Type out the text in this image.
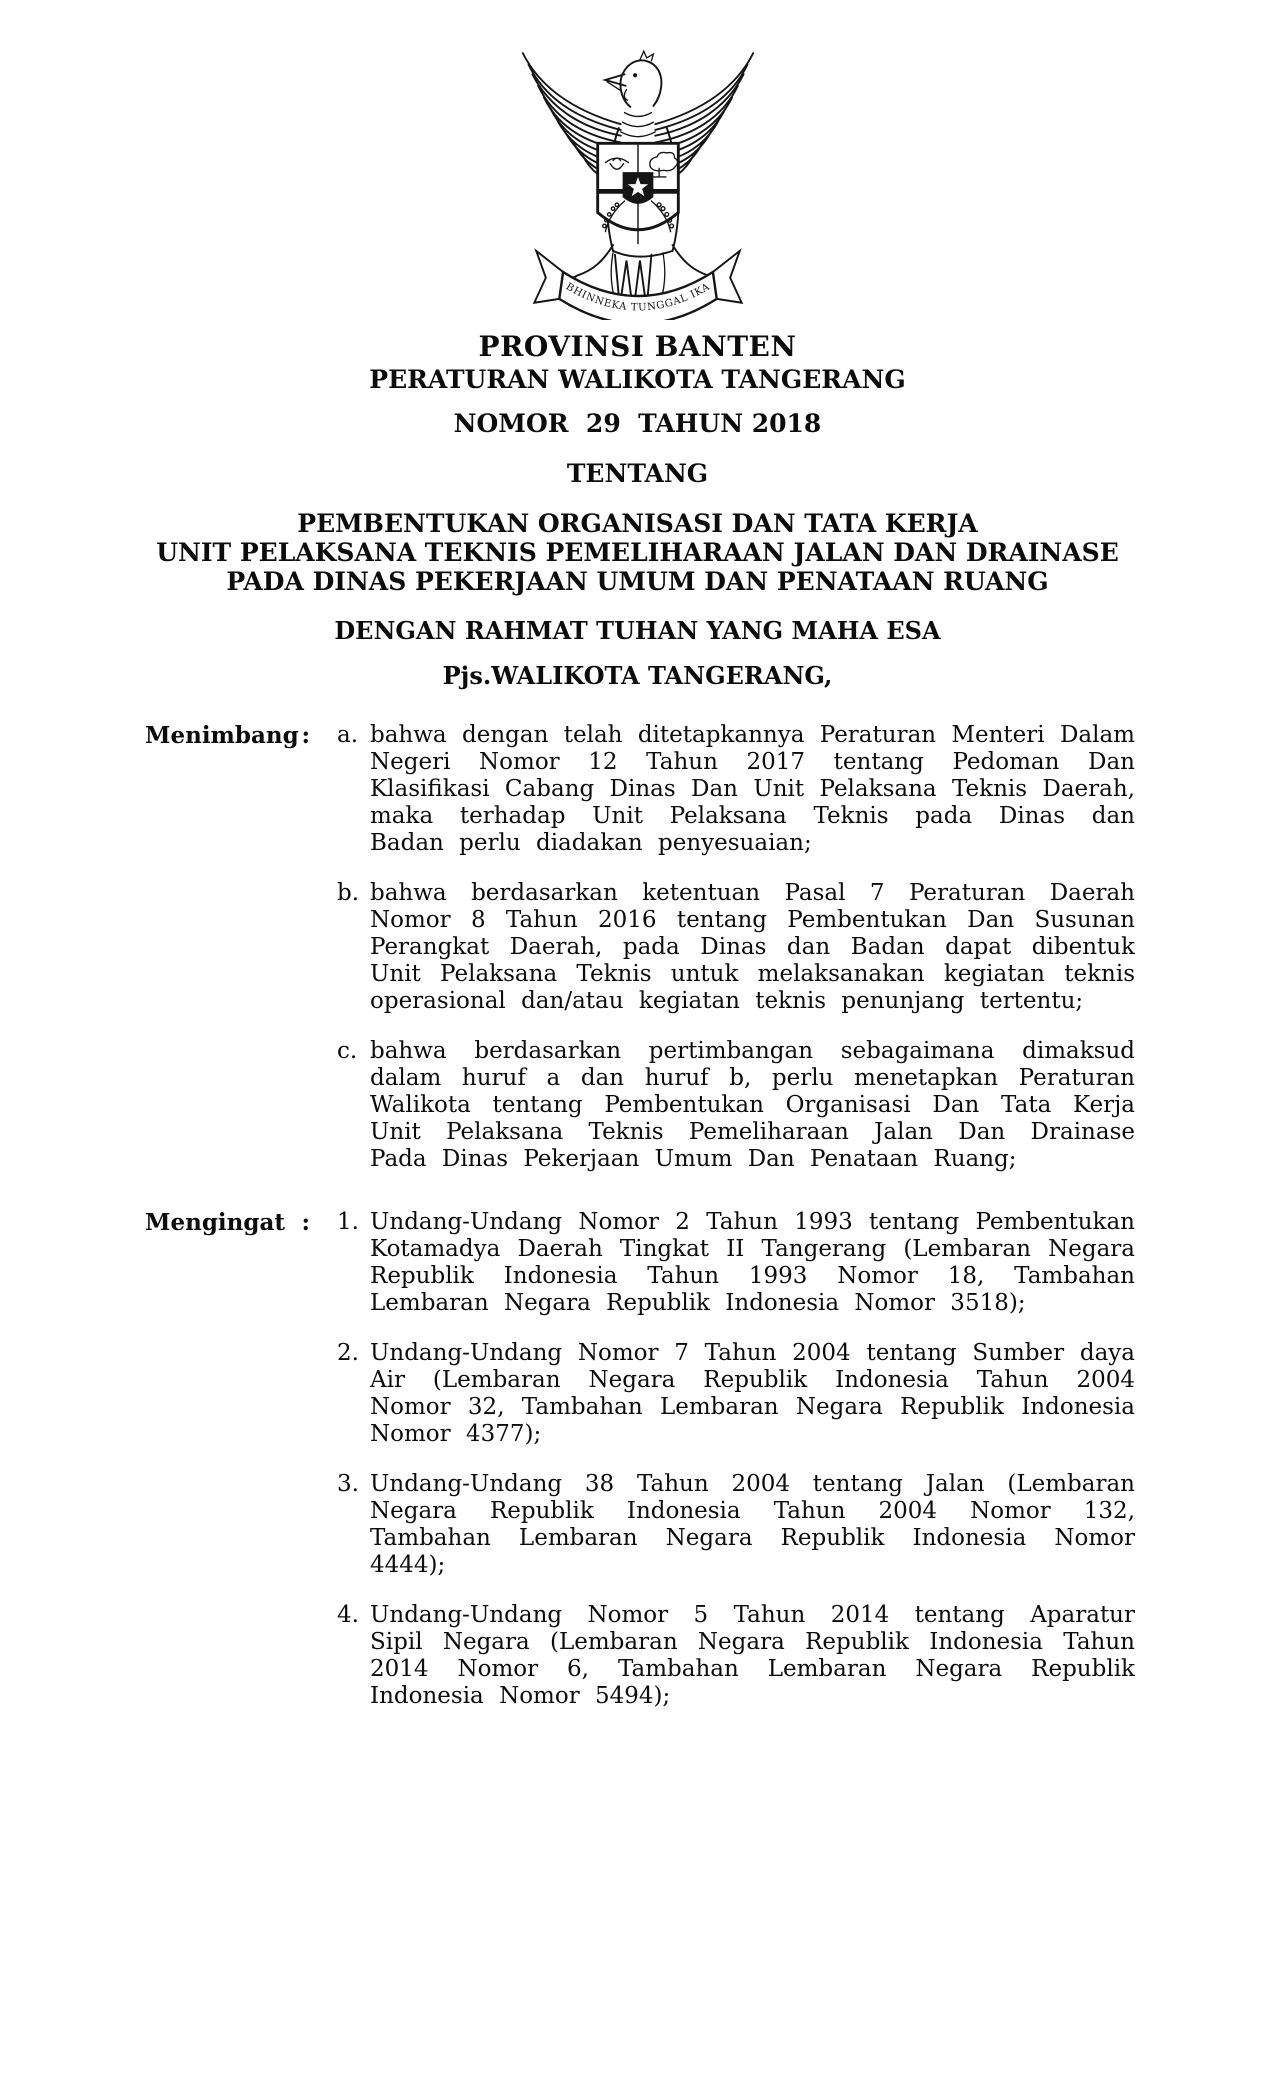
BHINNEKA TUNGGAL IKA
PROVINSI BANTEN
PERATURAN WALIKOTA TANGERANG
NOMOR  29  TAHUN 2018
TENTANG
PEMBENTUKAN ORGANISASI DAN TATA KERJA
UNIT PELAKSANA TEKNIS PEMELIHARAAN JALAN DAN DRAINASE
PADA DINAS PEKERJAAN UMUM DAN PENATAAN RUANG
DENGAN RAHMAT TUHAN YANG MAHA ESA
Pjs.WALIKOTA TANGERANG,
Menimbang : a. bahwa dengan telah ditetapkannya Peraturan Menteri Dalam Negeri Nomor 12 Tahun 2017 tentang Pedoman Dan Klasifikasi Cabang Dinas Dan Unit Pelaksana Teknis Daerah, maka terhadap Unit Pelaksana Teknis pada Dinas dan Badan perlu diadakan penyesuaian;
b. bahwa berdasarkan ketentuan Pasal 7 Peraturan Daerah Nomor 8 Tahun 2016 tentang Pembentukan Dan Susunan Perangkat Daerah, pada Dinas dan Badan dapat dibentuk Unit Pelaksana Teknis untuk melaksanakan kegiatan teknis operasional dan/atau kegiatan teknis penunjang tertentu;
c. bahwa berdasarkan pertimbangan sebagaimana dimaksud dalam huruf a dan huruf b, perlu menetapkan Peraturan Walikota tentang Pembentukan Organisasi Dan Tata Kerja Unit Pelaksana Teknis Pemeliharaan Jalan Dan Drainase Pada Dinas Pekerjaan Umum Dan Penataan Ruang;
Mengingat : 1. Undang-Undang Nomor 2 Tahun 1993 tentang Pembentukan Kotamadya Daerah Tingkat II Tangerang (Lembaran Negara Republik Indonesia Tahun 1993 Nomor 18, Tambahan Lembaran Negara Republik Indonesia Nomor 3518);
2. Undang-Undang Nomor 7 Tahun 2004 tentang Sumber daya Air (Lembaran Negara Republik Indonesia Tahun 2004 Nomor 32, Tambahan Lembaran Negara Republik Indonesia Nomor 4377);
3. Undang-Undang 38 Tahun 2004 tentang Jalan (Lembaran Negara Republik Indonesia Tahun 2004 Nomor 132, Tambahan Lembaran Negara Republik Indonesia Nomor 4444);
4. Undang-Undang Nomor 5 Tahun 2014 tentang Aparatur Sipil Negara (Lembaran Negara Republik Indonesia Tahun 2014 Nomor 6, Tambahan Lembaran Negara Republik Indonesia Nomor 5494);
